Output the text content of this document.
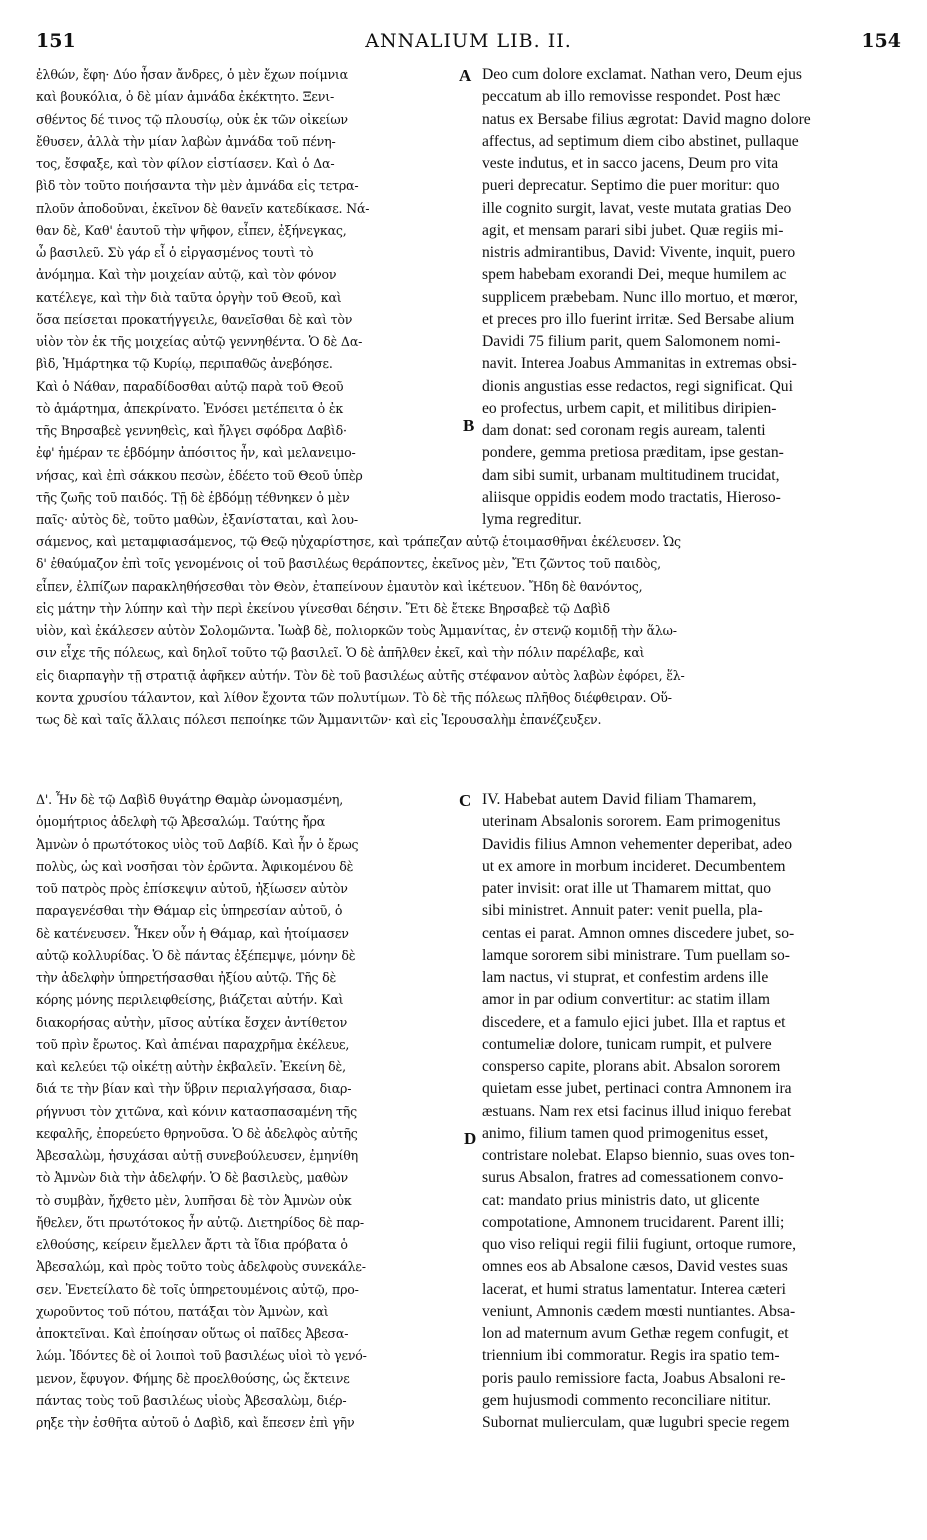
151	ANNALIUM LIB. II.	154
A
B
C
D
ἐλθών, ἔφη· Δύο ἦσαν ἄνδρες, ὁ μὲν ἔχων ποίμνια
καὶ βουκόλια, ὁ δὲ μίαν ἀμνάδα ἐκέκτητο. Ξενι-
σθέντος δέ τινος τῷ πλουσίῳ, οὐκ ἐκ τῶν οἰκείων
ἔθυσεν, ἀλλὰ τὴν μίαν λαβὼν ἀμνάδα τοῦ πένη-
τος, ἔσφαξε, καὶ τὸν φίλον εἱστίασεν. Καὶ ὁ Δα-
βὶδ τὸν τοῦτο ποιήσαντα τὴν μὲν ἀμνάδα εἰς τετρα-
πλοῦν ἀποδοῦναι, ἐκεῖνον δὲ θανεῖν κατεδίκασε. Νά-
θαν δὲ, Καθ' ἑαυτοῦ τὴν ψῆφον, εἶπεν, ἐξήνεγκας,
ὦ βασιλεῦ. Σὺ γάρ εἶ ὁ εἰργασμένος τουτὶ τὸ
ἀνόμημα. Καὶ τὴν μοιχείαν αὐτῷ, καὶ τὸν φόνον
κατέλεγε, καὶ τὴν διὰ ταῦτα ὀργὴν τοῦ Θεοῦ, καὶ
ὅσα πείσεται προκατήγγειλε, θανεῖσθαι δὲ καὶ τὸν
υἱὸν τὸν ἐκ τῆς μοιχείας αὐτῷ γεννηθέντα. Ὁ δὲ Δα-
βὶδ, Ἡμάρτηκα τῷ Κυρίῳ, περιπαθῶς ἀνεβόησε.
Καὶ ὁ Νάθαν, παραδίδοσθαι αὐτῷ παρὰ τοῦ Θεοῦ
τὸ ἁμάρτημα, ἀπεκρίνατο. Ἐνόσει μετέπειτα ὁ ἐκ
τῆς Βηρσαβεὲ γεννηθεὶς, καὶ ἤλγει σφόδρα Δαβὶδ·
ἐφ' ἡμέραν τε ἑβδόμην ἀπόσιτος ἦν, καὶ μελανειμο-
νήσας, καὶ ἐπὶ σάκκου πεσὼν, ἐδέετο τοῦ Θεοῦ ὑπὲρ
τῆς ζωῆς τοῦ παιδός. Τῇ δὲ ἑβδόμῃ τέθνηκεν ὁ μὲν
παῖς· αὐτὸς δὲ, τοῦτο μαθὼν, ἐξανίσταται, καὶ λου-
Deo cum dolore exclamat. Nathan vero, Deum ejus
peccatum ab illo removisse respondet. Post hæc
natus ex Bersabe filius ægrotat: David magno dolore
affectus, ad septimum diem cibo abstinet, pullaque
veste indutus, et in sacco jacens, Deum pro vita
pueri deprecatur. Septimo die puer moritur: quo
ille cognito surgit, lavat, veste mutata gratias Deo
agit, et mensam parari sibi jubet. Quæ regiis mi-
nistris admirantibus, David: Vivente, inquit, puero
spem habebam exorandi Dei, meque humilem ac
supplicem præbebam. Nunc illo mortuo, et mœror,
et preces pro illo fuerint irritæ. Sed Bersabe alium
Davidi 75 filium parit, quem Salomonem nomi-
navit. Interea Joabus Ammanitas in extremas obsi-
dionis angustias esse redactos, regi significat. Qui
eo profectus, urbem capit, et militibus diripien-
dam donat: sed coronam regis auream, talenti
pondere, gemma pretiosa præditam, ipse gestan-
dam sibi sumit, urbanam multitudinem trucidat,
aliisque oppidis eodem modo tractatis, Hieroso-
lyma regreditur.
σάμενος, καὶ μεταμφιασάμενος, τῷ Θεῷ ηὐχαρίστησε, καὶ τράπεζαν αὐτῷ ἑτοιμασθῆναι ἐκέλευσεν. Ὡς
δ' ἐθαύμαζον ἐπὶ τοῖς γενομένοις οἱ τοῦ βασιλέως θεράποντες, ἐκεῖνος μὲν, Ἔτι ζῶντος τοῦ παιδὸς,
εἶπεν, ἐλπίζων παρακληθήσεσθαι τὸν Θεὸν, ἐταπείνουν ἐμαυτὸν καὶ ἱκέτευον. Ἤδη δὲ θανόντος,
εἰς μάτην τὴν λύπην καὶ τὴν περὶ ἐκείνου γίνεσθαι δέησιν. Ἔτι δὲ ἔτεκε Βηρσαβεὲ τῷ Δαβὶδ
υἱὸν, καὶ ἐκάλεσεν αὐτὸν Σολομῶντα. Ἰωὰβ δὲ, πολιορκῶν τοὺς Ἀμμανίτας, ἐν στενῷ κομιδῇ τὴν ἅλω-
σιν εἶχε τῆς πόλεως, καὶ δηλοῖ τοῦτο τῷ βασιλεῖ. Ὁ δὲ ἀπῆλθεν ἐκεῖ, καὶ τὴν πόλιν παρέλαβε, καὶ
εἰς διαρπαγὴν τῇ στρατιᾷ ἀφῆκεν αὐτήν. Τὸν δὲ τοῦ βασιλέως αὐτῆς στέφανον αὐτὸς λαβὼν ἐφόρει, ἕλ-
κοντα χρυσίου τάλαντον, καὶ λίθον ἔχοντα τῶν πολυτίμων. Τὸ δὲ τῆς πόλεως πλῆθος διέφθειραν. Οὕ-
τως δὲ καὶ ταῖς ἄλλαις πόλεσι πεποίηκε τῶν Ἀμμανιτῶν· καὶ εἰς Ἱερουσαλὴμ ἐπανέζευξεν.
Δ'. Ἦν δὲ τῷ Δαβὶδ θυγάτηρ Θαμὰρ ὠνομασμένη,
ὁμομήτριος ἀδελφὴ τῷ Ἀβεσαλώμ. Ταύτης ἤρα
Ἀμνὼν ὁ πρωτότοκος υἱὸς τοῦ Δαβίδ. Καὶ ἦν ὁ ἔρως
πολὺς, ὡς καὶ νοσῆσαι τὸν ἐρῶντα. Ἀφικομένου δὲ
τοῦ πατρὸς πρὸς ἐπίσκεψιν αὐτοῦ, ἠξίωσεν αὐτὸν
παραγενέσθαι τὴν Θάμαρ εἰς ὑπηρεσίαν αὐτοῦ, ὁ
δὲ κατένευσεν. Ἧκεν οὖν ἡ Θάμαρ, καὶ ἡτοίμασεν
αὐτῷ κολλυρίδας. Ὁ δὲ πάντας ἐξέπεμψε, μόνην δὲ
τὴν ἀδελφὴν ὑπηρετήσασθαι ἠξίου αὐτῷ. Τῆς δὲ
κόρης μόνης περιλειφθείσης, βιάζεται αὐτήν. Καὶ
διακορήσας αὐτὴν, μῖσος αὐτίκα ἔσχεν ἀντίθετον
τοῦ πρὶν ἔρωτος. Καὶ ἀπιέναι παραχρῆμα ἐκέλευε,
καὶ κελεύει τῷ οἰκέτῃ αὐτὴν ἐκβαλεῖν. Ἐκείνη δὲ,
διά τε τὴν βίαν καὶ τὴν ὕβριν περιαλγήσασα, διαρ-
ρήγνυσι τὸν χιτῶνα, καὶ κόνιν κατασπασαμένη τῆς
κεφαλῆς, ἐπορεύετο θρηνοῦσα. Ὁ δὲ ἀδελφὸς αὐτῆς
Ἀβεσαλὼμ, ἡσυχάσαι αὐτῇ συνεβούλευσεν, ἐμηνίθη
τὸ Ἀμνὼν διὰ τὴν ἀδελφήν. Ὁ δὲ βασιλεὺς, μαθὼν
τὸ συμβὰν, ἤχθετο μὲν, λυπῆσαι δὲ τὸν Ἀμνὼν οὐκ
ἤθελεν, ὅτι πρωτότοκος ἦν αὐτῷ. Διετηρίδος δὲ παρ-
ελθούσης, κείρειν ἔμελλεν ἄρτι τὰ ἴδια πρόβατα ὁ
Ἀβεσαλώμ, καὶ πρὸς τοῦτο τοὺς ἀδελφοὺς συνεκάλε-
σεν. Ἐνετείλατο δὲ τοῖς ὑπηρετουμένοις αὐτῷ, προ-
χωροῦντος τοῦ πότου, πατάξαι τὸν Ἀμνὼν, καὶ
ἀποκτεῖναι. Καὶ ἐποίησαν οὕτως οἱ παῖδες Ἀβεσα-
λώμ. Ἰδόντες δὲ οἱ λοιποὶ τοῦ βασιλέως υἱοὶ τὸ γενό-
μενον, ἔφυγον. Φήμης δὲ προελθούσης, ὡς ἔκτεινε
πάντας τοὺς τοῦ βασιλέως υἱοὺς Ἀβεσαλὼμ, διέρ-
ρηξε τὴν ἐσθῆτα αὐτοῦ ὁ Δαβὶδ, καὶ ἔπεσεν ἐπὶ γῆν
IV. Habebat autem David filiam Thamarem,
uterinam Absalonis sororem. Eam primogenitus
Davidis filius Amnon vehementer deperibat, adeo
ut ex amore in morbum incideret. Decumbentem
pater invisit: orat ille ut Thamarem mittat, quo
sibi ministret. Annuit pater: venit puella, pla-
centas ei parat. Amnon omnes discedere jubet, so-
lamque sororem sibi ministrare. Tum puellam so-
lam nactus, vi stuprat, et confestim ardens ille
amor in par odium convertitur: ac statim illam
discedere, et a famulo ejici jubet. Illa et raptus et
contumeliæ dolore, tunicam rumpit, et pulvere
consperso capite, plorans abit. Absalon sororem
quietam esse jubet, pertinaci contra Amnonem ira
æstuans. Nam rex etsi facinus illud iniquo ferebat
animo, filium tamen quod primogenitus esset,
contristare nolebat. Elapso biennio, suas oves ton-
surus Absalon, fratres ad comessationem convo-
cat: mandato prius ministris dato, ut glicente
compotatione, Amnonem trucidarent. Parent illi;
quo viso reliqui regii filii fugiunt, ortoque rumore,
omnes eos ab Absalone cæsos, David vestes suas
lacerat, et humi stratus lamentatur. Interea cæteri
veniunt, Amnonis cædem mœsti nuntiantes. Absa-
lon ad maternum avum Gethæ regem confugit, et
triennium ibi commoratur. Regis ira spatio tem-
poris paulo remissiore facta, Joabus Absaloni re-
gem hujusmodi commento reconciliare nititur.
Subornat mulierculam, quæ lugubri specie regem
